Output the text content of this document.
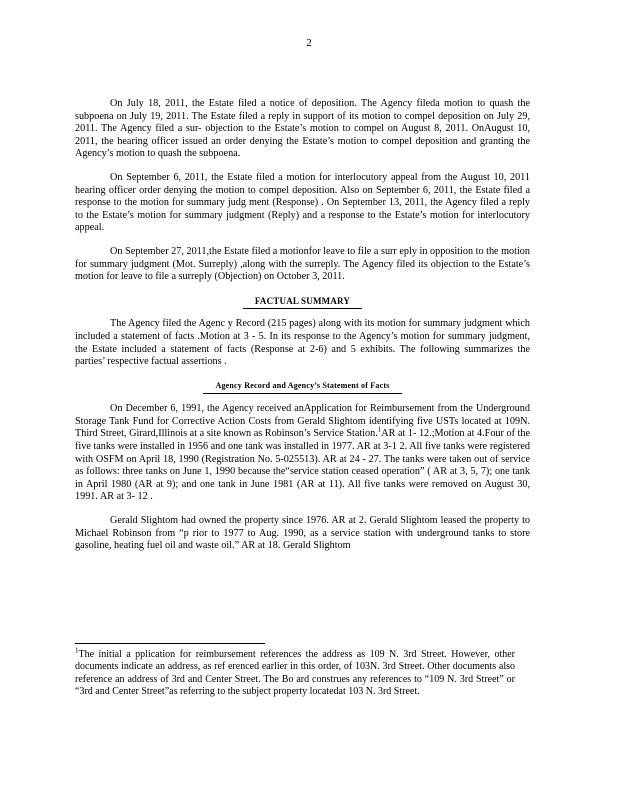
2

On July 18, 2011, the Estate filed a notice of deposition. The Agency fileda motion to quash the subpoena on July 19, 2011. The Estate filed a reply in support of its motion to compel deposition on July 29, 2011. The Agency filed a sur- objection to the Estate’s motion to compel on August 8, 2011. OnAugust 10, 2011, the hearing officer issued an order denying the Estate’s motion to compel deposition and granting the Agency’s motion to quash the subpoena.

On September 6, 2011, the Estate filed a motion for interlocutory appeal from the August 10, 2011 hearing officer order denying the motion to compel deposition. Also on September 6, 2011, the Estate filed a response to the motion for summary judg ment (Response) . On September 13, 2011, the Agency filed a reply to the Estate’s motion for summary judgment (Reply) and a response to the Estate’s motion for interlocutory appeal.

On September 27, 2011,the Estate filed a motionfor leave to file a surr eply in opposition to the motion for summary judgment (Mot. Surreply) ,along with the surreply. The Agency filed its objection to the Estate’s motion for leave to file a surreply (Objection) on October 3, 2011.

FACTUAL SUMMARY

The Agency filed the Agenc y Record (215 pages) along with its motion for summary judgment which included a statement of facts .Motion at 3 - 5. In its response to the Agency’s motion for summary judgment, the Estate included a statement of facts (Response at 2-6) and 5 exhibits. The following summarizes the parties’ respective factual assertions .

Agency Record and Agency’s Statement of Facts

On December 6, 1991, the Agency received anApplication for Reimbursement from the Underground Storage Tank Fund for Corrective Action Costs from Gerald Slightom identifying five USTs located at 109N. Third Street, Girard,Illinois at a site known as Robinson’s Service Station.$^1$AR at 1- 12.;Motion at 4.Four of the five tanks were installed in 1956 and one tank was installed in 1977. AR at 3-1 2. All five tanks were registered with OSFM on April 18, 1990 (Registration No. 5-025513). AR at 24 - 27. The tanks were taken out of service as follows: three tanks on June 1, 1990 because the“service station ceased operation” ( AR at 3, 5, 7); one tank in April 1980 (AR at 9); and one tank in June 1981 (AR at 11). All five tanks were removed on August 30, 1991. AR at 3- 12 .

Gerald Slightom had owned the property since 1976. AR at 2. Gerald Slightom leased the property to Michael Robinson from “p rior to 1977 to Aug. 1990, as a service station with underground tanks to store gasoline, heating fuel oil and waste oil.” AR at 18. Gerald Slightom

$^1$The initial a pplication for reimbursement references the address as 109 N. 3rd Street. However, other documents indicate an address, as ref erenced earlier in this order, of 103N. 3rd Street. Other documents also reference an address of 3rd and Center Street. The Bo ard construes any references to “109 N. 3rd Street” or “3rd and Center Street”as referring to the subject property locatedat 103 N. 3rd Street.
